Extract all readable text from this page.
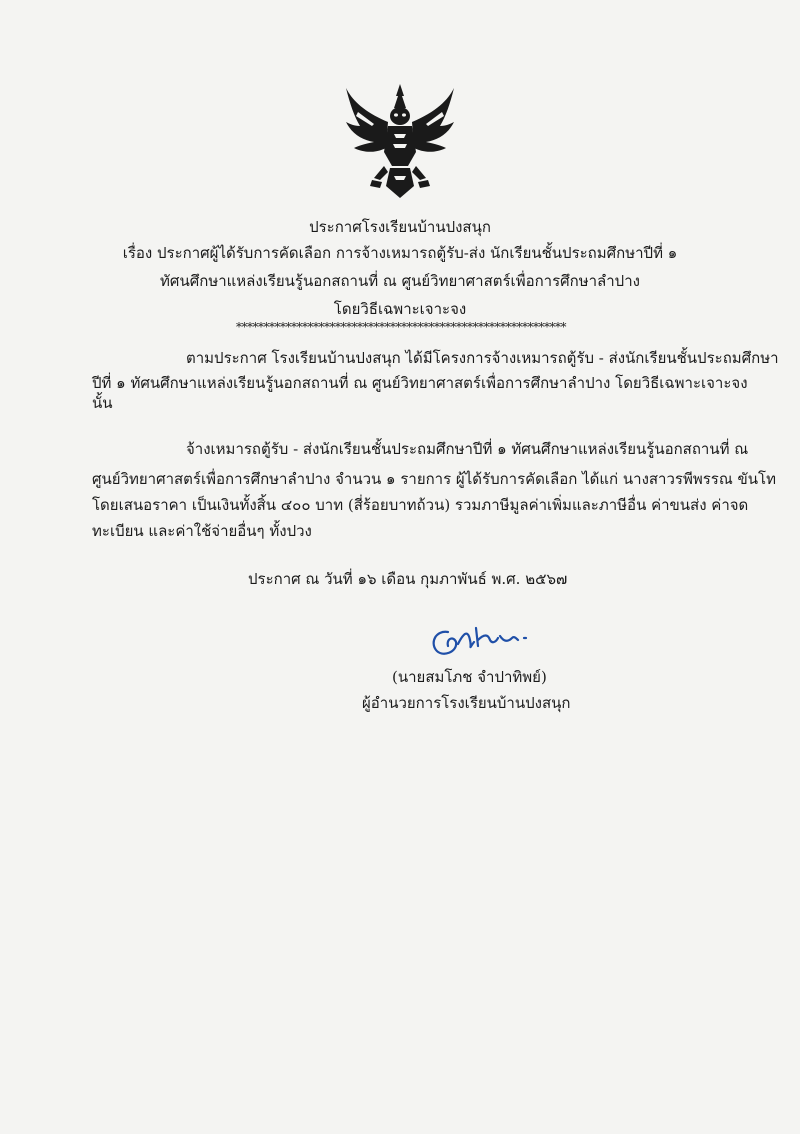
ประกาศโรงเรียนบ้านปงสนุก
เรื่อง ประกาศผู้ได้รับการคัดเลือก การจ้างเหมารถตู้รับ-ส่ง นักเรียนชั้นประถมศึกษาปีที่ ๑
ทัศนศึกษาแหล่งเรียนรู้นอกสถานที่ ณ ศูนย์วิทยาศาสตร์เพื่อการศึกษาลำปาง
โดยวิธีเฉพาะเจาะจง
************************************************************
ตามประกาศ โรงเรียนบ้านปงสนุก ได้มีโครงการจ้างเหมารถตู้รับ - ส่งนักเรียนชั้นประถมศึกษา
ปีที่ ๑ ทัศนศึกษาแหล่งเรียนรู้นอกสถานที่ ณ ศูนย์วิทยาศาสตร์เพื่อการศึกษาลำปาง โดยวิธีเฉพาะเจาะจง
นั้น
จ้างเหมารถตู้รับ - ส่งนักเรียนชั้นประถมศึกษาปีที่ ๑ ทัศนศึกษาแหล่งเรียนรู้นอกสถานที่ ณ
ศูนย์วิทยาศาสตร์เพื่อการศึกษาลำปาง จำนวน ๑ รายการ ผู้ได้รับการคัดเลือก ได้แก่ นางสาวรพีพรรณ ขันโท
โดยเสนอราคา เป็นเงินทั้งสิ้น ๔๐๐ บาท (สี่ร้อยบาทถ้วน) รวมภาษีมูลค่าเพิ่มและภาษีอื่น ค่าขนส่ง ค่าจด
ทะเบียน และค่าใช้จ่ายอื่นๆ ทั้งปวง
ประกาศ ณ วันที่ ๑๖ เดือน กุมภาพันธ์ พ.ศ. ๒๕๖๗
(นายสมโภช จำปาทิพย์)
ผู้อำนวยการโรงเรียนบ้านปงสนุก
